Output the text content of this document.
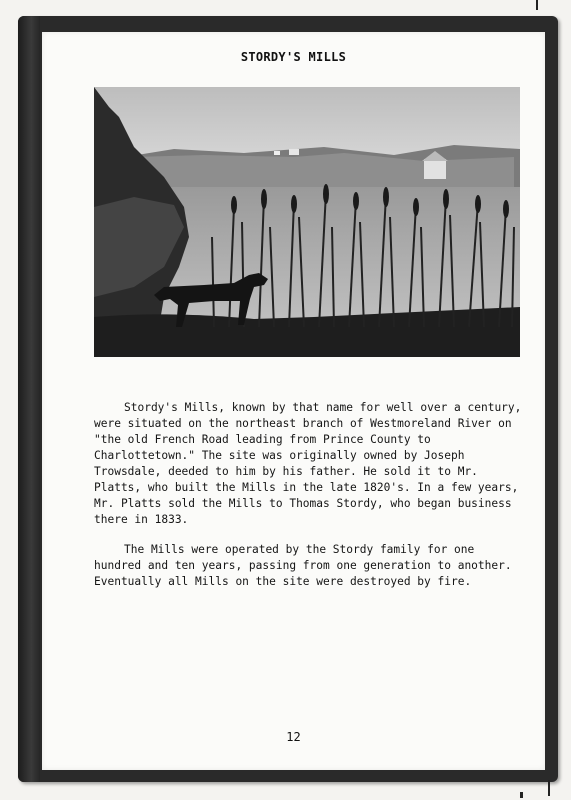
STORDY'S MILLS

Stordy's Mills, known by that name for well over a century, were situated on the northeast branch of Westmoreland River on "the old French Road leading from Prince County to Charlottetown." The site was originally owned by Joseph Trowsdale, deeded to him by his father. He sold it to Mr. Platts, who built the Mills in the late 1820's. In a few years, Mr. Platts sold the Mills to Thomas Stordy, who began business there in 1833.

The Mills were operated by the Stordy family for one hundred and ten years, passing from one generation to another. Eventually all Mills on the site were destroyed by fire.

12
